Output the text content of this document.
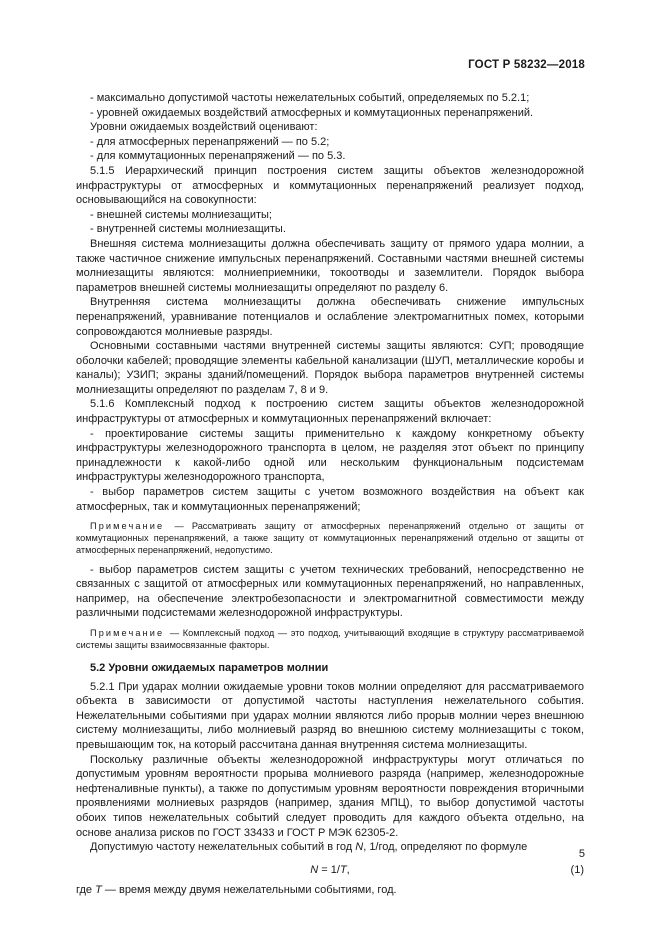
ГОСТ Р 58232—2018

- максимально допустимой частоты нежелательных событий, определяемых по 5.2.1;

- уровней ожидаемых воздействий атмосферных и коммутационных перенапряжений.

Уровни ожидаемых воздействий оценивают:

- для атмосферных перенапряжений — по 5.2;

- для коммутационных перенапряжений — по 5.3.

5.1.5 Иерархический принцип построения систем защиты объектов железнодорожной инфраструктуры от атмосферных и коммутационных перенапряжений реализует подход, основывающийся на совокупности:

- внешней системы молниезащиты;

- внутренней системы молниезащиты.

Внешняя система молниезащиты должна обеспечивать защиту от прямого удара молнии, а также частичное снижение импульсных перенапряжений. Составными частями внешней системы молниезащиты являются: молниеприемники, токоотводы и заземлители. Порядок выбора параметров внешней системы молниезащиты определяют по разделу 6.

Внутренняя система молниезащиты должна обеспечивать снижение импульсных перенапряжений, уравнивание потенциалов и ослабление электромагнитных помех, которыми сопровождаются молниевые разряды.

Основными составными частями внутренней системы защиты являются: СУП; проводящие оболочки кабелей; проводящие элементы кабельной канализации (ШУП, металлические коробы и каналы); УЗИП; экраны зданий/помещений. Порядок выбора параметров внутренней системы молниезащиты определяют по разделам 7, 8 и 9.

5.1.6 Комплексный подход к построению систем защиты объектов железнодорожной инфраструктуры от атмосферных и коммутационных перенапряжений включает:

- проектирование системы защиты применительно к каждому конкретному объекту инфраструктуры железнодорожного транспорта в целом, не разделяя этот объект по принципу принадлежности к какой-либо одной или нескольким функциональным подсистемам инфраструктуры железнодорожного транспорта,

- выбор параметров систем защиты с учетом возможного воздействия на объект как атмосферных, так и коммутационных перенапряжений;

Примечание — Рассматривать защиту от атмосферных перенапряжений отдельно от защиты от коммутационных перенапряжений, а также защиту от коммутационных перенапряжений отдельно от защиты от атмосферных перенапряжений, недопустимо.

- выбор параметров систем защиты с учетом технических требований, непосредственно не связанных с защитой от атмосферных или коммутационных перенапряжений, но направленных, например, на обеспечение электробезопасности и электромагнитной совместимости между различными подсистемами железнодорожной инфраструктуры.

Примечание — Комплексный подход — это подход, учитывающий входящие в структуру рассматриваемой системы защиты взаимосвязанные факторы.

5.2 Уровни ожидаемых параметров молнии

5.2.1 При ударах молнии ожидаемые уровни токов молнии определяют для рассматриваемого объекта в зависимости от допустимой частоты наступления нежелательного события. Нежелательными событиями при ударах молнии являются либо прорыв молнии через внешнюю систему молниезащиты, либо молниевый разряд во внешнюю систему молниезащиты с током, превышающим ток, на который рассчитана данная внутренняя система молниезащиты.

Поскольку различные объекты железнодорожной инфраструктуры могут отличаться по допустимым уровням вероятности прорыва молниевого разряда (например, железнодорожные нефтеналивные пункты), а также по допустимым уровням вероятности повреждения вторичными проявлениями молниевых разрядов (например, здания МПЦ), то выбор допустимой частоты обоих типов нежелательных событий следует проводить для каждого объекта отдельно, на основе анализа рисков по ГОСТ 33433 и ГОСТ Р МЭК 62305-2.

Допустимую частоту нежелательных событий в год N, 1/год, определяют по формуле

N = 1/T,	(1)

где T — время между двумя нежелательными событиями, год.

5
